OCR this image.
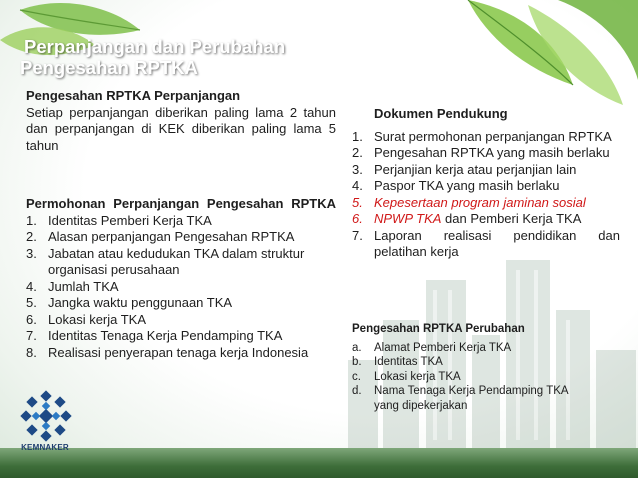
Perpanjangan dan Perubahan
Pengesahan RPTKA
Pengesahan RPTKA Perpanjangan
Setiap perpanjangan diberikan paling lama 2 tahun dan perpanjangan di KEK diberikan paling lama 5 tahun
Permohonan Perpanjangan Pengesahan RPTKA
1. Identitas Pemberi Kerja TKA
2. Alasan perpanjangan Pengesahan RPTKA
3. Jabatan atau kedudukan TKA dalam struktur organisasi perusahaan
4. Jumlah TKA
5. Jangka waktu penggunaan TKA
6. Lokasi kerja TKA
7. Identitas Tenaga Kerja Pendamping TKA
8. Realisasi penyerapan tenaga kerja Indonesia
Dokumen Pendukung
1. Surat permohonan perpanjangan RPTKA
2. Pengesahan RPTKA yang masih berlaku
3. Perjanjian kerja atau perjanjian lain
4. Paspor TKA yang masih berlaku
5. Kepesertaan program jaminan sosial
6. NPWP TKA dan Pemberi Kerja TKA
7. Laporan realisasi pendidikan dan pelatihan kerja
Pengesahan RPTKA Perubahan
a. Alamat Pemberi Kerja TKA
b. Identitas TKA
c. Lokasi kerja TKA
d. Nama Tenaga Kerja Pendamping TKA yang dipekerjakan
KEMNAKER
